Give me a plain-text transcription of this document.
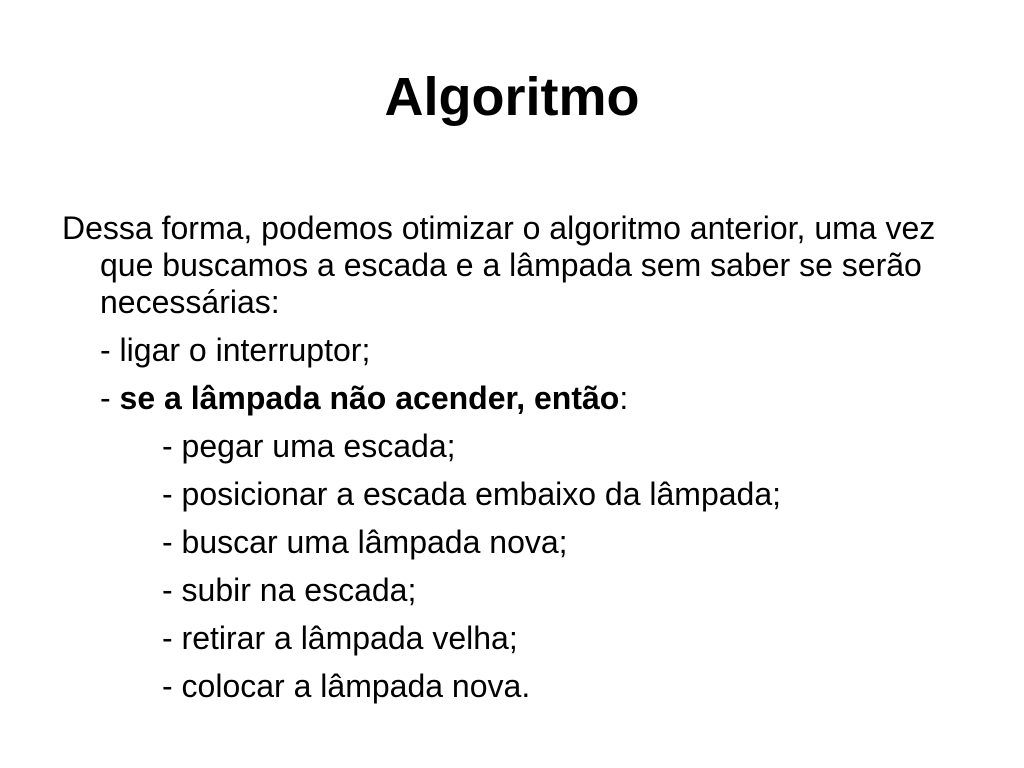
Algoritmo

Dessa forma, podemos otimizar o algoritmo anterior, uma vez que buscamos a escada e a lâmpada sem saber se serão necessárias:

- ligar o interruptor;

- se a lâmpada não acender, então:

- pegar uma escada;

- posicionar a escada embaixo da lâmpada;

- buscar uma lâmpada nova;

- subir na escada;

- retirar a lâmpada velha;

- colocar a lâmpada nova.
